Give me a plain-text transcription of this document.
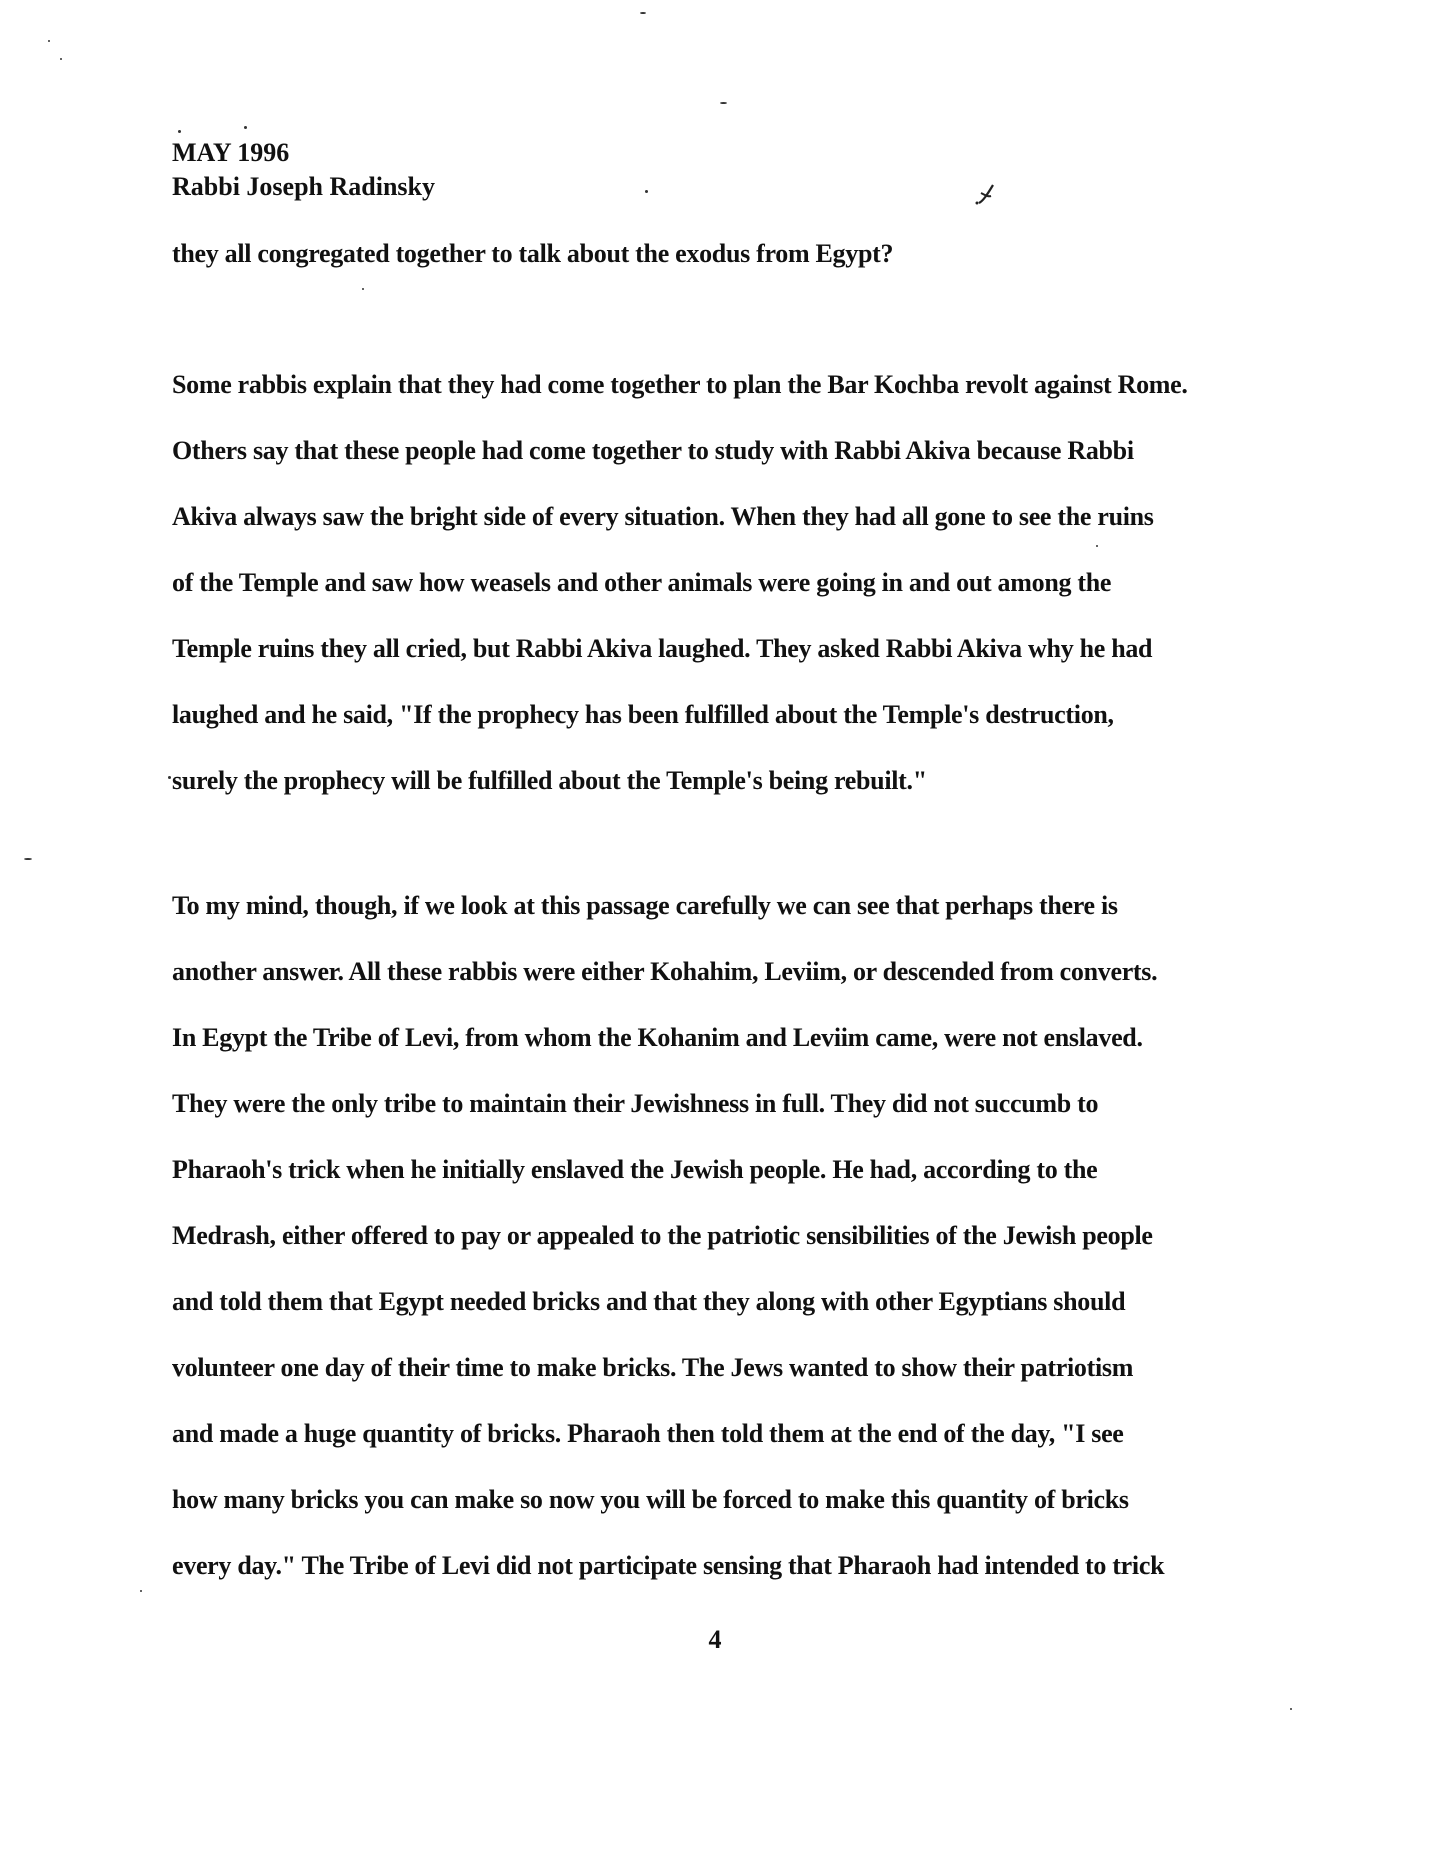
MAY 1996
Rabbi Joseph Radinsky
they all congregated together to talk about the exodus from Egypt?
Some rabbis explain that they had come together to plan the Bar Kochba revolt against Rome.
Others say that these people had come together to study with Rabbi Akiva because Rabbi
Akiva always saw the bright side of every situation. When they had all gone to see the ruins
of the Temple and saw how weasels and other animals were going in and out among the
Temple ruins they all cried, but Rabbi Akiva laughed. They asked Rabbi Akiva why he had
laughed and he said, "If the prophecy has been fulfilled about the Temple's destruction,
surely the prophecy will be fulfilled about the Temple's being rebuilt."
To my mind, though, if we look at this passage carefully we can see that perhaps there is
another answer. All these rabbis were either Kohahim, Leviim, or descended from converts.
In Egypt the Tribe of Levi, from whom the Kohanim and Leviim came, were not enslaved.
They were the only tribe to maintain their Jewishness in full. They did not succumb to
Pharaoh's trick when he initially enslaved the Jewish people. He had, according to the
Medrash, either offered to pay or appealed to the patriotic sensibilities of the Jewish people
and told them that Egypt needed bricks and that they along with other Egyptians should
volunteer one day of their time to make bricks. The Jews wanted to show their patriotism
and made a huge quantity of bricks. Pharaoh then told them at the end of the day, "I see
how many bricks you can make so now you will be forced to make this quantity of bricks
every day." The Tribe of Levi did not participate sensing that Pharaoh had intended to trick
4
